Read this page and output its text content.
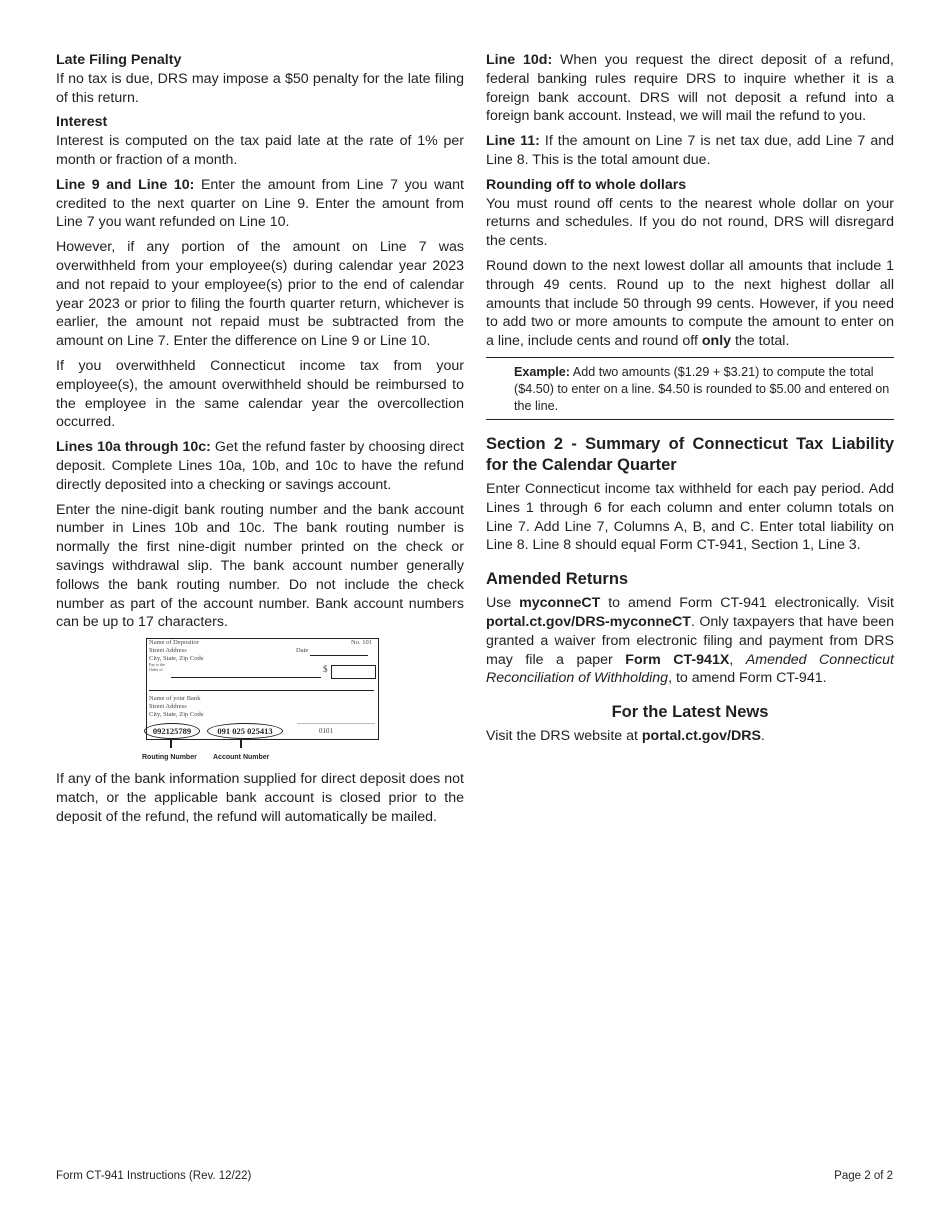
Late Filing Penalty

If no tax is due, DRS may impose a $50 penalty for the late filing of this return.

Interest

Interest is computed on the tax paid late at the rate of 1% per month or fraction of a month.

Line 9 and Line 10: Enter the amount from Line 7 you want credited to the next quarter on Line 9. Enter the amount from Line 7 you want refunded on Line 10.

However, if any portion of the amount on Line 7 was overwithheld from your employee(s) during calendar year 2023 and not repaid to your employee(s) prior to the end of calendar year 2023 or prior to filing the fourth quarter return, whichever is earlier, the amount not repaid must be subtracted from the amount on Line 7. Enter the difference on Line 9 or Line 10.

If you overwithheld Connecticut income tax from your employee(s), the amount overwithheld should be reimbursed to the employee in the same calendar year the overcollection occurred.

Lines 10a through 10c: Get the refund faster by choosing direct deposit. Complete Lines 10a, 10b, and 10c to have the refund directly deposited into a checking or savings account.

Enter the nine-digit bank routing number and the bank account number in Lines 10b and 10c. The bank routing number is normally the first nine-digit number printed on the check or savings withdrawal slip. The bank account number generally follows the bank routing number. Do not include the check number as part of the account number. Bank account numbers can be up to 17 characters.

Name of Depositor
Street Address
City, State, Zip Code
Pay to the
Order of
No. 101
Date
$
Name of your Bank
Street Address
City, State, Zip Code
092125789	091 025 025413	0101
Routing Number Account Number

If any of the bank information supplied for direct deposit does not match, or the applicable bank account is closed prior to the deposit of the refund, the refund will automatically be mailed.

Line 10d: When you request the direct deposit of a refund, federal banking rules require DRS to inquire whether it is a foreign bank account. DRS will not deposit a refund into a foreign bank account. Instead, we will mail the refund to you.

Line 11: If the amount on Line 7 is net tax due, add Line 7 and Line 8. This is the total amount due.

Rounding off to whole dollars

You must round off cents to the nearest whole dollar on your returns and schedules. If you do not round, DRS will disregard the cents.

Round down to the next lowest dollar all amounts that include 1 through 49 cents. Round up to the next highest dollar all amounts that include 50 through 99 cents. However, if you need to add two or more amounts to compute the amount to enter on a line, include cents and round off only the total.

Example: Add two amounts ($1.29 + $3.21) to compute the total ($4.50) to enter on a line. $4.50 is rounded to $5.00 and entered on the line.
Section 2 - Summary of Connecticut Tax Liability for the Calendar Quarter

Enter Connecticut income tax withheld for each pay period. Add Lines 1 through 6 for each column and enter column totals on Line 7. Add Line 7, Columns A, B, and C. Enter total liability on Line 8. Line 8 should equal Form CT-941, Section 1, Line 3.

Amended Returns

Use myconneCT to amend Form CT-941 electronically. Visit portal.ct.gov/DRS-myconneCT. Only taxpayers that have been granted a waiver from electronic filing and payment from DRS may file a paper Form CT-941X, Amended Connecticut Reconciliation of Withholding, to amend Form CT-941.

For the Latest News

Visit the DRS website at portal.ct.gov/DRS.

Form CT-941 Instructions (Rev. 12/22)	Page 2 of 2
